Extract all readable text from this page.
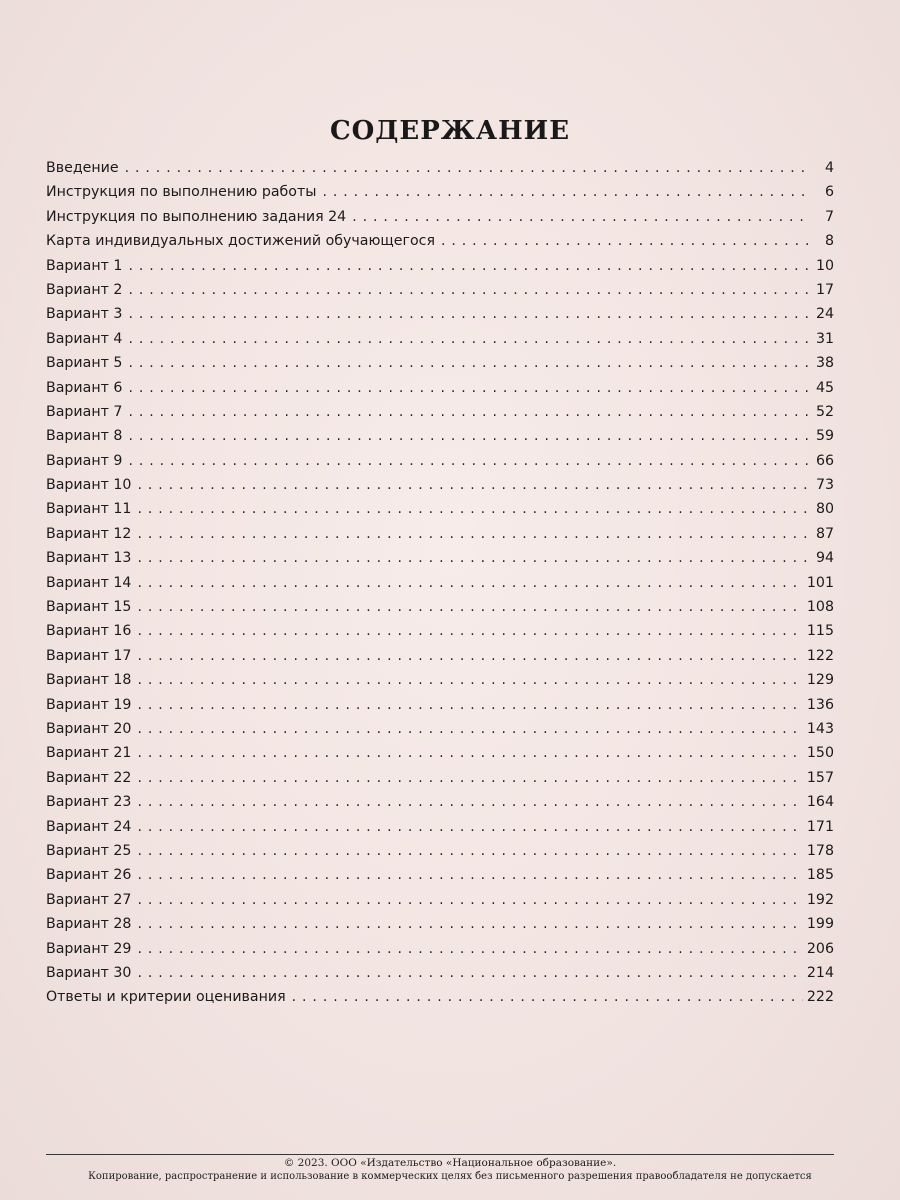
СОДЕРЖАНИЕ
Введение . . .	4
Инструкция по выполнению работы . . .	6
Инструкция по выполнению задания 24 . . .	7
Карта индивидуальных достижений обучающегося . . .	8
Вариант 1 . . .	10
Вариант 2 . . .	17
Вариант 3 . . .	24
Вариант 4 . . .	31
Вариант 5 . . .	38
Вариант 6 . . .	45
Вариант 7 . . .	52
Вариант 8 . . .	59
Вариант 9 . . .	66
Вариант 10 . . .	73
Вариант 11 . . .	80
Вариант 12 . . .	87
Вариант 13 . . .	94
Вариант 14 . . .	101
Вариант 15 . . .	108
Вариант 16 . . .	115
Вариант 17 . . .	122
Вариант 18 . . .	129
Вариант 19 . . .	136
Вариант 20 . . .	143
Вариант 21 . . .	150
Вариант 22 . . .	157
Вариант 23 . . .	164
Вариант 24 . . .	171
Вариант 25 . . .	178
Вариант 26 . . .	185
Вариант 27 . . .	192
Вариант 28 . . .	199
Вариант 29 . . .	206
Вариант 30 . . .	214
Ответы и критерии оценивания . . .	222
© 2023. ООО «Издательство «Национальное образование».
Копирование, распространение и использование в коммерческих целях без письменного разрешения правообладателя не допускается
